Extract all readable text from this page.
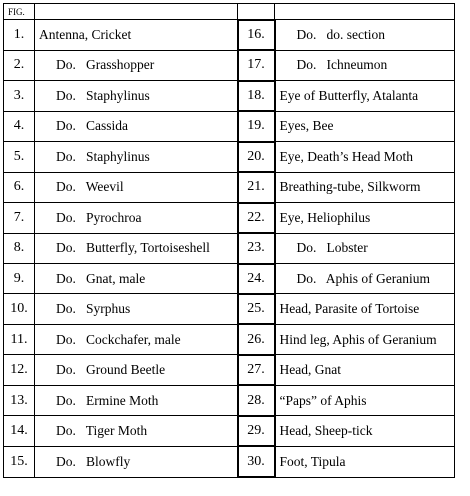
FIG.			
1.	Antenna, Cricket	16.	Do.   do. section
2.	Do.   Grasshopper	17.	Do.   Ichneumon
3.	Do.   Staphylinus	18.	Eye of Butterfly, Atalanta
4.	Do.   Cassida	19.	Eyes, Bee
5.	Do.   Staphylinus	20.	Eye, Death’s Head Moth
6.	Do.   Weevil	21.	Breathing-tube, Silkworm
7.	Do.   Pyrochroa	22.	Eye, Heliophilus
8.	Do.   Butterfly, Tortoiseshell	23.	Do.   Lobster
9.	Do.   Gnat, male	24.	Do.   Aphis of Geranium
10.	Do.   Syrphus	25.	Head, Parasite of Tortoise
11.	Do.   Cockchafer, male	26.	Hind leg, Aphis of Geranium
12.	Do.   Ground Beetle	27.	Head, Gnat
13.	Do.   Ermine Moth	28.	“Paps” of Aphis
14.	Do.   Tiger Moth	29.	Head, Sheep-tick
15.	Do.   Blowfly	30.	Foot, Tipula
